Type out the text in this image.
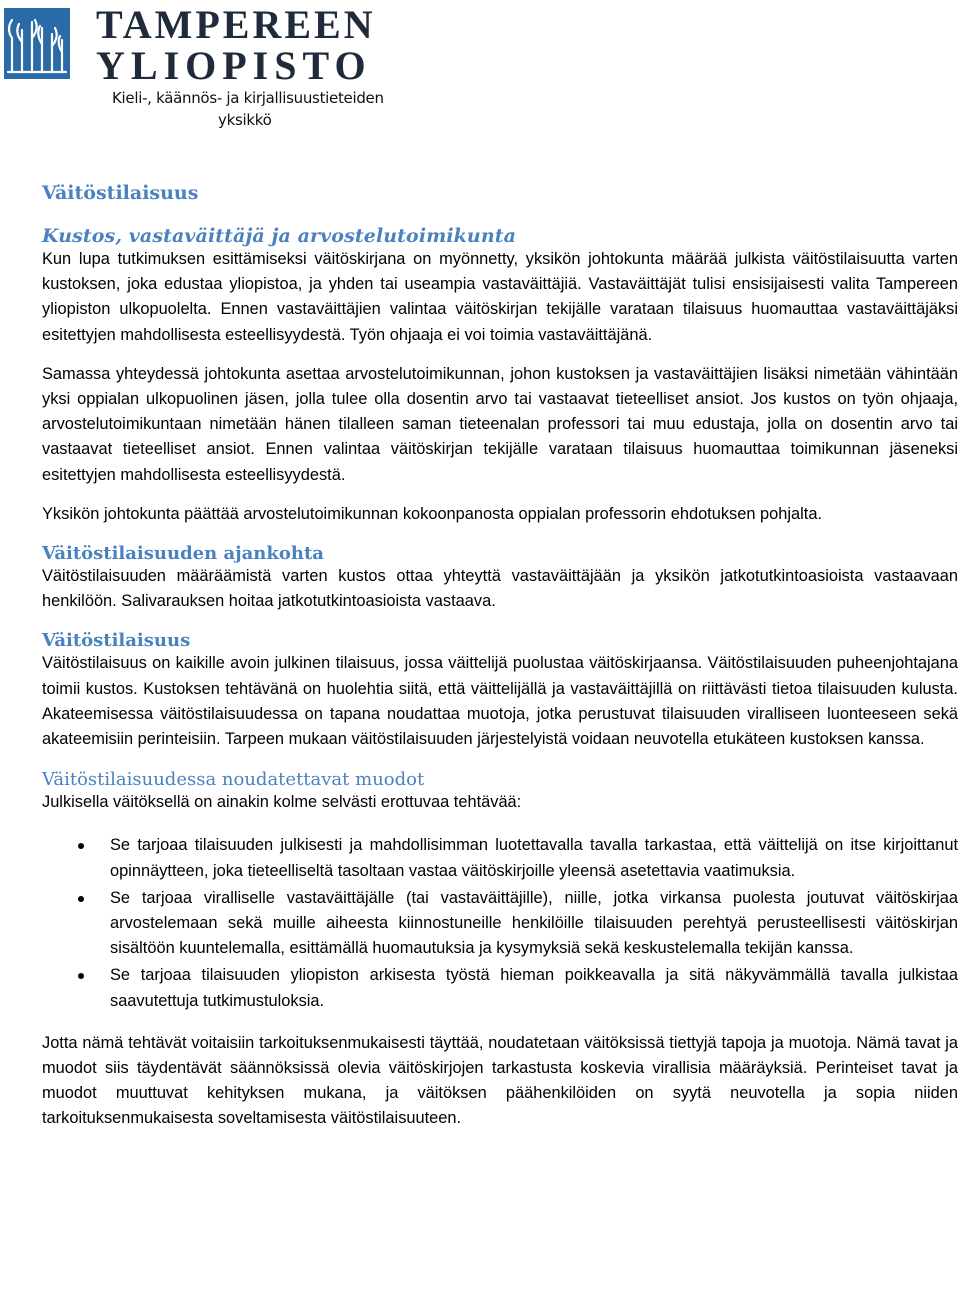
TAMPEREEN
YLIOPISTO
Kieli-, käännös- ja kirjallisuustieteiden
yksikkö
Väitöstilaisuus
Kustos, vastaväittäjä ja arvostelutoimikunta

Kun lupa tutkimuksen esittämiseksi väitöskirjana on myönnetty, yksikön johtokunta määrää julkista väitöstilaisuutta varten kustoksen, joka edustaa yliopistoa, ja yhden tai useampia vastaväittäjiä. Vastaväittäjät tulisi ensisijaisesti valita Tampereen yliopiston ulkopuolelta. Ennen vastaväittäjien valintaa väitöskirjan tekijälle varataan tilaisuus huomauttaa vastaväittäjäksi esitettyjen mahdollisesta esteellisyydestä. Työn ohjaaja ei voi toimia vastaväittäjänä.

Samassa yhteydessä johtokunta asettaa arvostelutoimikunnan, johon kustoksen ja vastaväittäjien lisäksi nimetään vähintään yksi oppialan ulkopuolinen jäsen, jolla tulee olla dosentin arvo tai vastaavat tieteelliset ansiot. Jos kustos on työn ohjaaja, arvostelutoimikuntaan nimetään hänen tilalleen saman tieteenalan professori tai muu edustaja, jolla on dosentin arvo tai vastaavat tieteelliset ansiot. Ennen valintaa väitöskirjan tekijälle varataan tilaisuus huomauttaa toimikunnan jäseneksi esitettyjen mahdollisesta esteellisyydestä.

Yksikön johtokunta päättää arvostelutoimikunnan kokoonpanosta oppialan professorin ehdotuksen pohjalta.

Väitöstilaisuuden ajankohta

Väitöstilaisuuden määräämistä varten kustos ottaa yhteyttä vastaväittäjään ja yksikön jatkotutkintoasioista vastaavaan henkilöön. Salivarauksen hoitaa jatkotutkintoasioista vastaava.

Väitöstilaisuus

Väitöstilaisuus on kaikille avoin julkinen tilaisuus, jossa väittelijä puolustaa väitöskirjaansa. Väitöstilaisuuden puheenjohtajana toimii kustos. Kustoksen tehtävänä on huolehtia siitä, että väittelijällä ja vastaväittäjillä on riittävästi tietoa tilaisuuden kulusta. Akateemisessa väitöstilaisuudessa on tapana noudattaa muotoja, jotka perustuvat tilaisuuden viralliseen luonteeseen sekä akateemisiin perinteisiin. Tarpeen mukaan väitöstilaisuuden järjestelyistä voidaan neuvotella etukäteen kustoksen kanssa.

Väitöstilaisuudessa noudatettavat muodot

Julkisella väitöksellä on ainakin kolme selvästi erottuvaa tehtävää:

Se tarjoaa tilaisuuden julkisesti ja mahdollisimman luotettavalla tavalla tarkastaa, että väittelijä on itse kirjoittanut opinnäytteen, joka tieteelliseltä tasoltaan vastaa väitöskirjoille yleensä asetettavia vaatimuksia.
Se tarjoaa viralliselle vastaväittäjälle (tai vastaväittäjille), niille, jotka virkansa puolesta joutuvat väitöskirjaa arvostelemaan sekä muille aiheesta kiinnostuneille henkilöille tilaisuuden perehtyä perusteellisesti väitöskirjan sisältöön kuuntelemalla, esittämällä huomautuksia ja kysymyksiä sekä keskustelemalla tekijän kanssa.
Se tarjoaa tilaisuuden yliopiston arkisesta työstä hieman poikkeavalla ja sitä näkyvämmällä tavalla julkistaa saavutettuja tutkimustuloksia.

Jotta nämä tehtävät voitaisiin tarkoituksenmukaisesti täyttää, noudatetaan väitöksissä tiettyjä tapoja ja muotoja. Nämä tavat ja muodot siis täydentävät säännöksissä olevia väitöskirjojen tarkastusta koskevia virallisia määräyksiä. Perinteiset tavat ja muodot muuttuvat kehityksen mukana, ja väitöksen päähenkilöiden on syytä neuvotella ja sopia niiden tarkoituksenmukaisesta soveltamisesta väitöstilaisuuteen.
